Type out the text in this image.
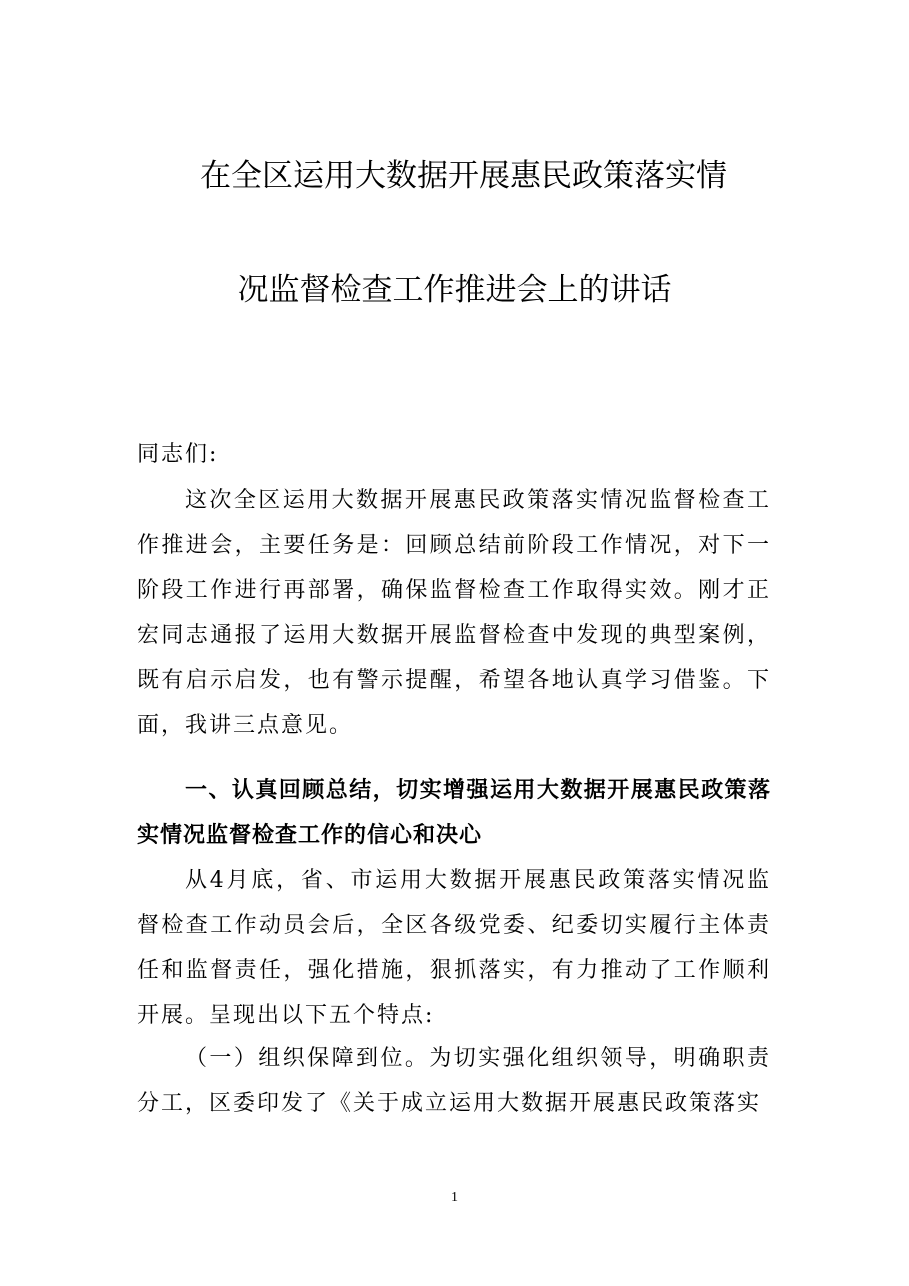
在全区运用大数据开展惠民政策落实情
况监督检查工作推进会上的讲话
同志们:
这次全区运用大数据开展惠民政策落实情况监督检查工作推进会，主要任务是：回顾总结前阶段工作情况，对下一阶段工作进行再部署，确保监督检查工作取得实效。刚才正宏同志通报了运用大数据开展监督检查中发现的典型案例，既有启示启发，也有警示提醒，希望各地认真学习借鉴。下面，我讲三点意见。
一、认真回顾总结，切实增强运用大数据开展惠民政策落实情况监督检查工作的信心和决心
从4月底，省、市运用大数据开展惠民政策落实情况监督检查工作动员会后，全区各级党委、纪委切实履行主体责任和监督责任，强化措施，狠抓落实，有力推动了工作顺利开展。呈现出以下五个特点:
（一）组织保障到位。为切实强化组织领导，明确职责分工，区委印发了《关于成立运用大数据开展惠民政策落实
1
